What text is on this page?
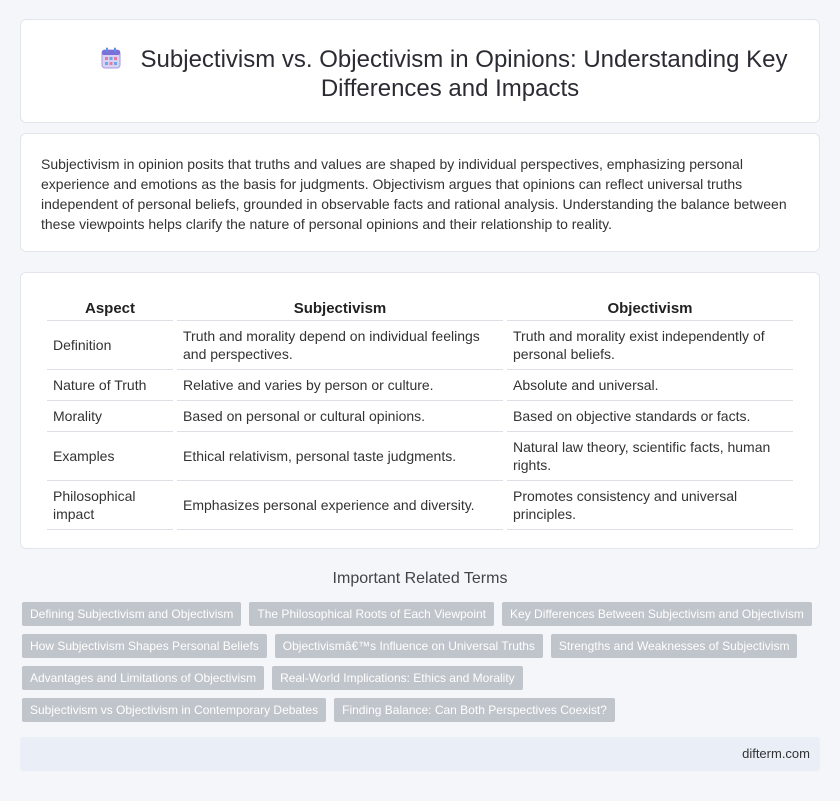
Subjectivism vs. Objectivism in Opinions: Understanding Key Differences and Impacts

Subjectivism in opinion posits that truths and values are shaped by individual perspectives, emphasizing personal experience and emotions as the basis for judgments. Objectivism argues that opinions can reflect universal truths independent of personal beliefs, grounded in observable facts and rational analysis. Understanding the balance between these viewpoints helps clarify the nature of personal opinions and their relationship to reality.

Aspect	Subjectivism	Objectivism
Definition	Truth and morality depend on individual feelings and perspectives.	Truth and morality exist independently of personal beliefs.
Nature of Truth	Relative and varies by person or culture.	Absolute and universal.
Morality	Based on personal or cultural opinions.	Based on objective standards or facts.
Examples	Ethical relativism, personal taste judgments.	Natural law theory, scientific facts, human rights.
Philosophical impact	Emphasizes personal experience and diversity.	Promotes consistency and universal principles.
Important Related Terms
Defining Subjectivism and Objectivism	The Philosophical Roots of Each Viewpoint	Key Differences Between Subjectivism and Objectivism
How Subjectivism Shapes Personal Beliefs	Objectivismâ€™s Influence on Universal Truths	Strengths and Weaknesses of Subjectivism
Advantages and Limitations of Objectivism	Real-World Implications: Ethics and Morality
Subjectivism vs Objectivism in Contemporary Debates	Finding Balance: Can Both Perspectives Coexist?
difterm.com
